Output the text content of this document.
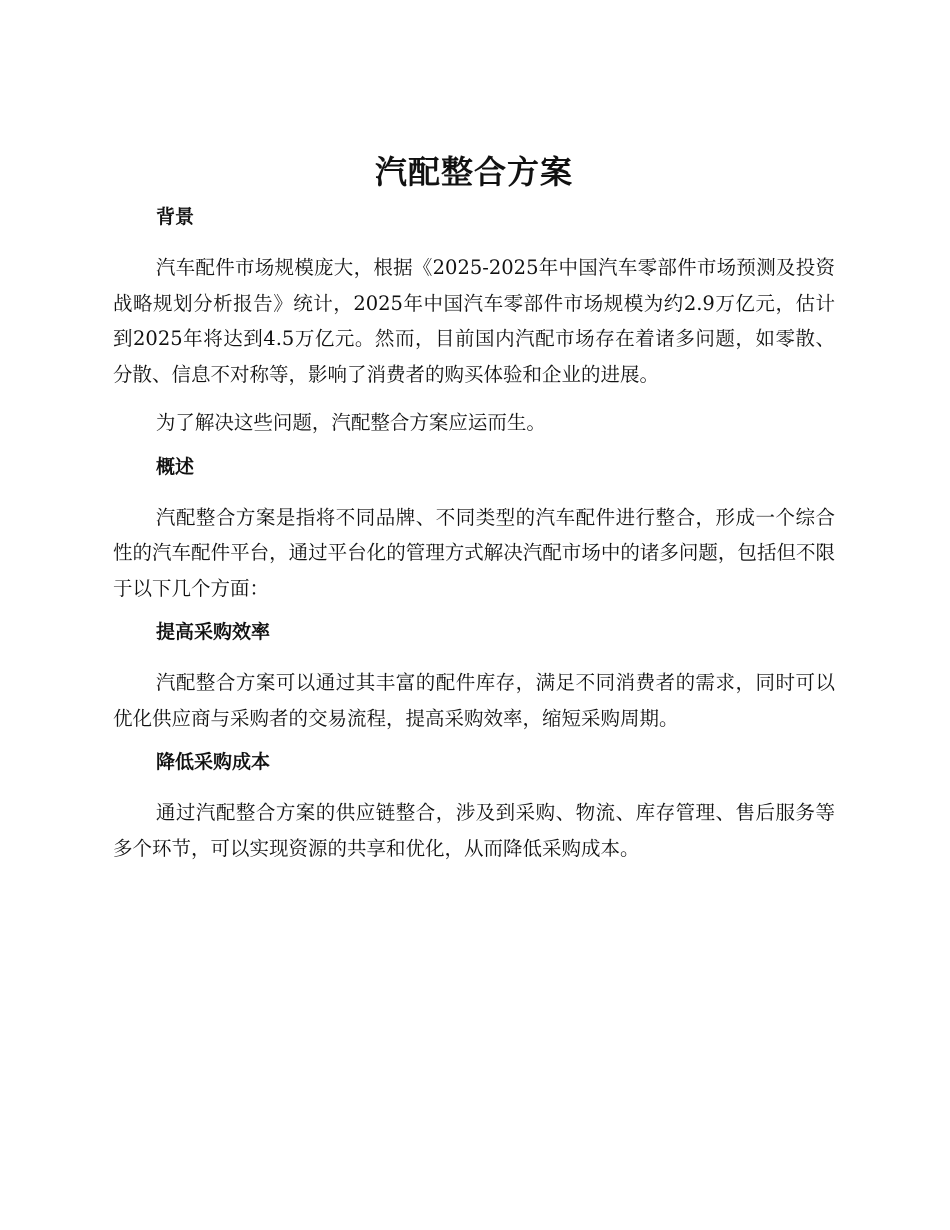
汽配整合方案
背景

汽车配件市场规模庞大，根据《2025-2025年中国汽车零部件市场预测及投资战略规划分析报告》统计，2025年中国汽车零部件市场规模为约2.9万亿元，估计到2025年将达到4.5万亿元。然而，目前国内汽配市场存在着诸多问题，如零散、分散、信息不对称等，影响了消费者的购买体验和企业的进展。

为了解决这些问题，汽配整合方案应运而生。

概述

汽配整合方案是指将不同品牌、不同类型的汽车配件进行整合，形成一个综合性的汽车配件平台，通过平台化的管理方式解决汽配市场中的诸多问题，包括但不限于以下几个方面：

提高采购效率

汽配整合方案可以通过其丰富的配件库存，满足不同消费者的需求，同时可以优化供应商与采购者的交易流程，提高采购效率，缩短采购周期。

降低采购成本

通过汽配整合方案的供应链整合，涉及到采购、物流、库存管理、售后服务等多个环节，可以实现资源的共享和优化，从而降低采购成本。
